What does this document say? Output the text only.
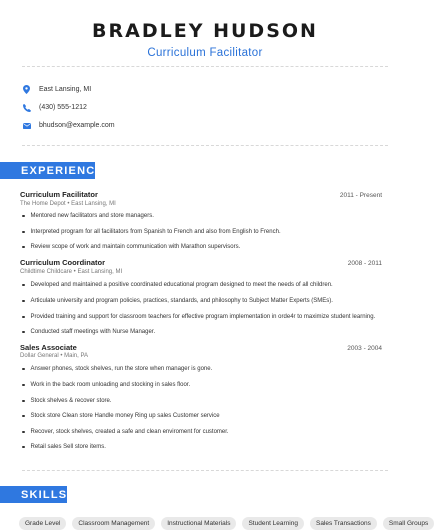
BRADLEY HUDSON
Curriculum Facilitator
East Lansing, MI
(430) 555-1212
bhudson@example.com
EXPERIENCE
Curriculum Facilitator	2011 - Present
The Home Depot • East Lansing, MI
Mentored new facilitators and store managers.
Interpreted program for all facilitators from Spanish to French and also from English to French.
Review scope of work and maintain communication with Marathon supervisors.
Curriculum Coordinator	2008 - 2011
Childtime Childcare • East Lansing, MI
Developed and maintained a positive coordinated educational program designed to meet the needs of all children.
Articulate university and program policies, practices, standards, and philosophy to Subject Matter Experts (SMEs).
Provided training and support for classroom teachers for effective program implementation in orde4r to maximize student learning.
Conducted staff meetings with Nurse Manager.
Sales Associate	2003 - 2004
Dollar General • Main, PA
Answer phones, stock shelves, run the store when manager is gone.
Work in the back room unloading and stocking in sales floor.
Stock shelves & recover store.
Stock store Clean store Handle money Ring up sales Customer service
Recover, stock shelves, created a safe and clean enviroment for customer.
Retail sales Sell store items.
SKILLS
Grade Level	Classroom Management	Instructional Materials	Student Learning	Sales Transactions	Small Groups
